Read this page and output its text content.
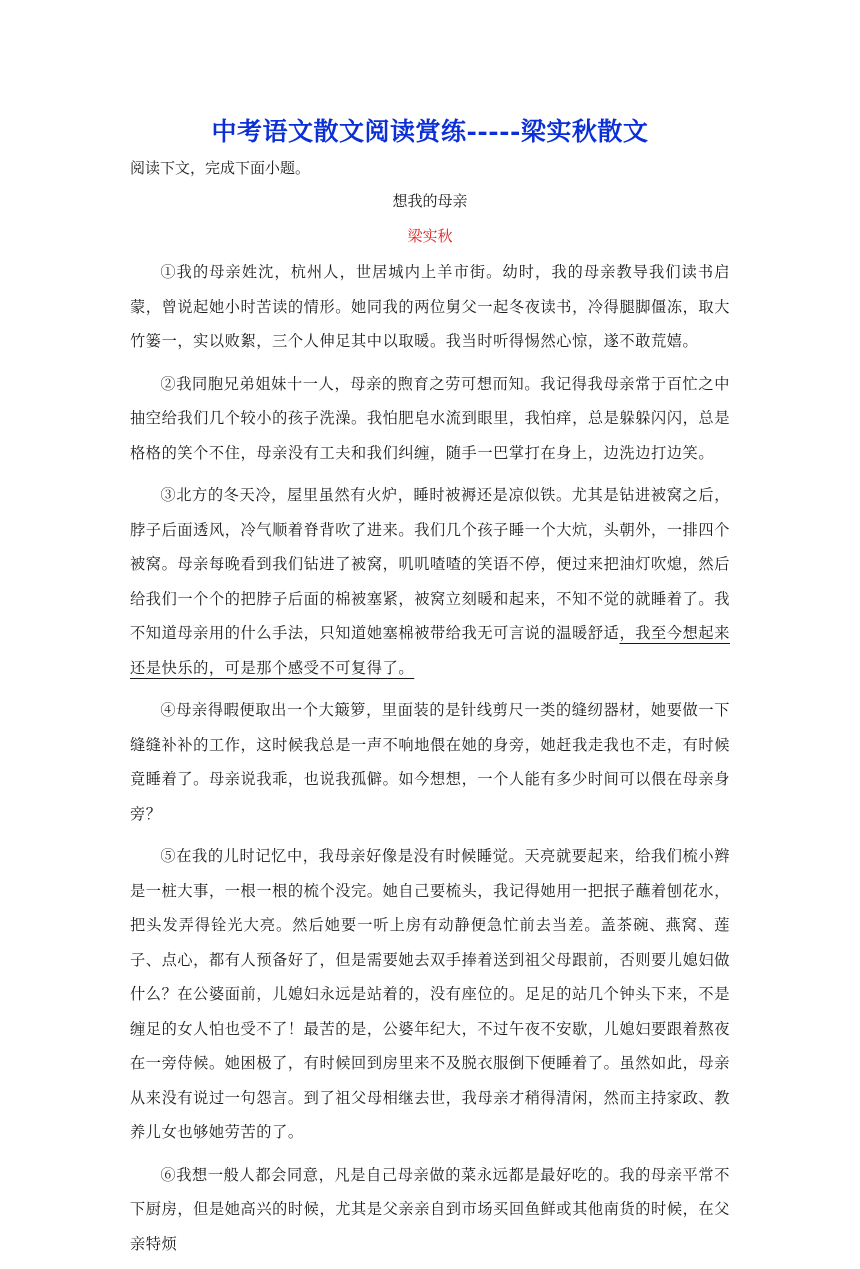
中考语文散文阅读赏练-----梁实秋散文

阅读下文，完成下面小题。

想我的母亲

梁实秋

①我的母亲姓沈，杭州人，世居城内上羊市街。幼时，我的母亲教导我们读书启蒙，曾说起她小时苦读的情形。她同我的两位舅父一起冬夜读书，冷得腿脚僵冻，取大竹篓一，实以败絮，三个人伸足其中以取暖。我当时听得惕然心惊，遂不敢荒嬉。

②我同胞兄弟姐妹十一人，母亲的煦育之劳可想而知。我记得我母亲常于百忙之中抽空给我们几个较小的孩子洗澡。我怕肥皂水流到眼里，我怕痒，总是躲躲闪闪，总是格格的笑个不住，母亲没有工夫和我们纠缠，随手一巴掌打在身上，边洗边打边笑。

③北方的冬天冷，屋里虽然有火炉，睡时被褥还是凉似铁。尤其是钻进被窝之后，脖子后面透风，冷气顺着脊背吹了进来。我们几个孩子睡一个大炕，头朝外，一排四个被窝。母亲每晚看到我们钻进了被窝，叽叽喳喳的笑语不停，便过来把油灯吹熄，然后给我们一个个的把脖子后面的棉被塞紧，被窝立刻暖和起来，不知不觉的就睡着了。我不知道母亲用的什么手法，只知道她塞棉被带给我无可言说的温暖舒适，我至今想起来还是快乐的，可是那个感受不可复得了。

④母亲得暇便取出一个大簸箩，里面装的是针线剪尺一类的缝纫器材，她要做一下缝缝补补的工作，这时候我总是一声不响地偎在她的身旁，她赶我走我也不走，有时候竟睡着了。母亲说我乖，也说我孤僻。如今想想，一个人能有多少时间可以偎在母亲身旁？

⑤在我的儿时记忆中，我母亲好像是没有时候睡觉。天亮就要起来，给我们梳小辫是一桩大事，一根一根的梳个没完。她自己要梳头，我记得她用一把抿子蘸着刨花水，把头发弄得铨光大亮。然后她要一听上房有动静便急忙前去当差。盖茶碗、燕窝、莲子、点心，都有人预备好了，但是需要她去双手捧着送到祖父母跟前，否则要儿媳妇做什么？在公婆面前，儿媳妇永远是站着的，没有座位的。足足的站几个钟头下来，不是缠足的女人怕也受不了！最苦的是，公婆年纪大，不过午夜不安歇，儿媳妇要跟着熬夜在一旁侍候。她困极了，有时候回到房里来不及脱衣服倒下便睡着了。虽然如此，母亲从来没有说过一句怨言。到了祖父母相继去世，我母亲才稍得清闲，然而主持家政、教养儿女也够她劳苦的了。

⑥我想一般人都会同意，凡是自己母亲做的菜永远都是最好吃的。我的母亲平常不下厨房，但是她高兴的时候，尤其是父亲亲自到市场买回鱼鲜或其他南货的时候，在父亲特烦
